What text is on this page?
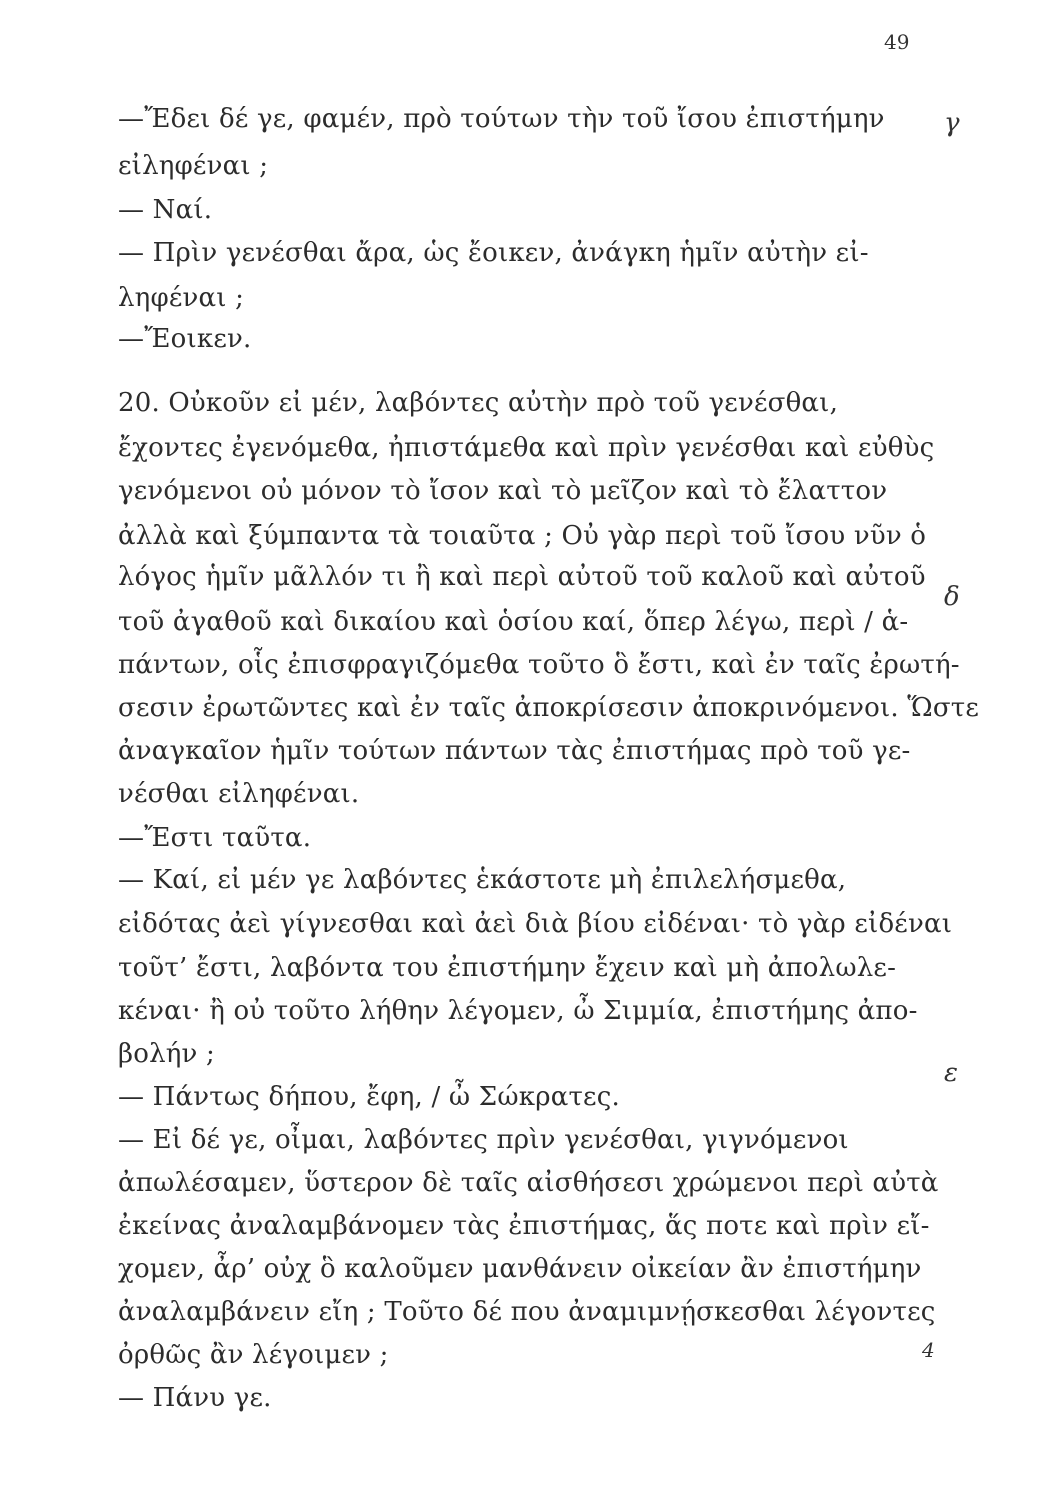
49
γ
δ
ε
—Ἔδει δέ γε, φαμέν, πρὸ τούτων τὴν τοῦ ἴσου ἐπιστήμην
εἰληφέναι ;
— Ναί.
— Πρὶν γενέσθαι ἄρα, ὡς ἔοικεν, ἀνάγκη ἡμῖν αὐτὴν εἰ-
ληφέναι ;
—Ἔοικεν.
20. Οὐκοῦν εἰ μέν, λαβόντες αὐτὴν πρὸ τοῦ γενέσθαι,
ἔχοντες ἐγενόμεθα, ἠπιστάμεθα καὶ πρὶν γενέσθαι καὶ εὐθὺς
γενόμενοι οὐ μόνον τὸ ἴσον καὶ τὸ μεῖζον καὶ τὸ ἔλαττον
ἀλλὰ καὶ ξύμπαντα τὰ τοιαῦτα ; Οὐ γὰρ περὶ τοῦ ἴσου νῦν ὁ
λόγος ἡμῖν μᾶλλόν τι ἢ καὶ περὶ αὐτοῦ τοῦ καλοῦ καὶ αὐτοῦ
τοῦ ἀγαθοῦ καὶ δικαίου καὶ ὁσίου καί, ὅπερ λέγω, περὶ / ἁ-
πάντων, οἷς ἐπισφραγιζόμεθα τοῦτο ὃ ἔστι, καὶ ἐν ταῖς ἐρωτή-
σεσιν ἐρωτῶντες καὶ ἐν ταῖς ἀποκρίσεσιν ἀποκρινόμενοι. Ὥστε
ἀναγκαῖον ἡμῖν τούτων πάντων τὰς ἐπιστήμας πρὸ τοῦ γε-
νέσθαι εἰληφέναι.
—Ἔστι ταῦτα.
— Καί, εἰ μέν γε λαβόντες ἑκάστοτε μὴ ἐπιλελήσμεθα,
εἰδότας ἀεὶ γίγνεσθαι καὶ ἀεὶ διὰ βίου εἰδέναι· τὸ γὰρ εἰδέναι
τοῦτ’ ἔστι, λαβόντα του ἐπιστήμην ἔχειν καὶ μὴ ἀπολωλε-
κέναι· ἢ οὐ τοῦτο λήθην λέγομεν, ὦ Σιμμία, ἐπιστήμης ἀπο-
βολήν ;
— Πάντως δήπου, ἔφη, / ὦ Σώκρατες.
— Εἰ δέ γε, οἶμαι, λαβόντες πρὶν γενέσθαι, γιγνόμενοι
ἀπωλέσαμεν, ὕστερον δὲ ταῖς αἰσθήσεσι χρώμενοι περὶ αὐτὰ
ἐκείνας ἀναλαμβάνομεν τὰς ἐπιστήμας, ἅς ποτε καὶ πρὶν εἴ-
χομεν, ἆρ’ οὐχ ὃ καλοῦμεν μανθάνειν οἰκείαν ἂν ἐπιστήμην
ἀναλαμβάνειν εἴη ; Τοῦτο δέ που ἀναμιμνῄσκεσθαι λέγοντες
ὀρθῶς ἂν λέγοιμεν ;
— Πάνυ γε.
4
